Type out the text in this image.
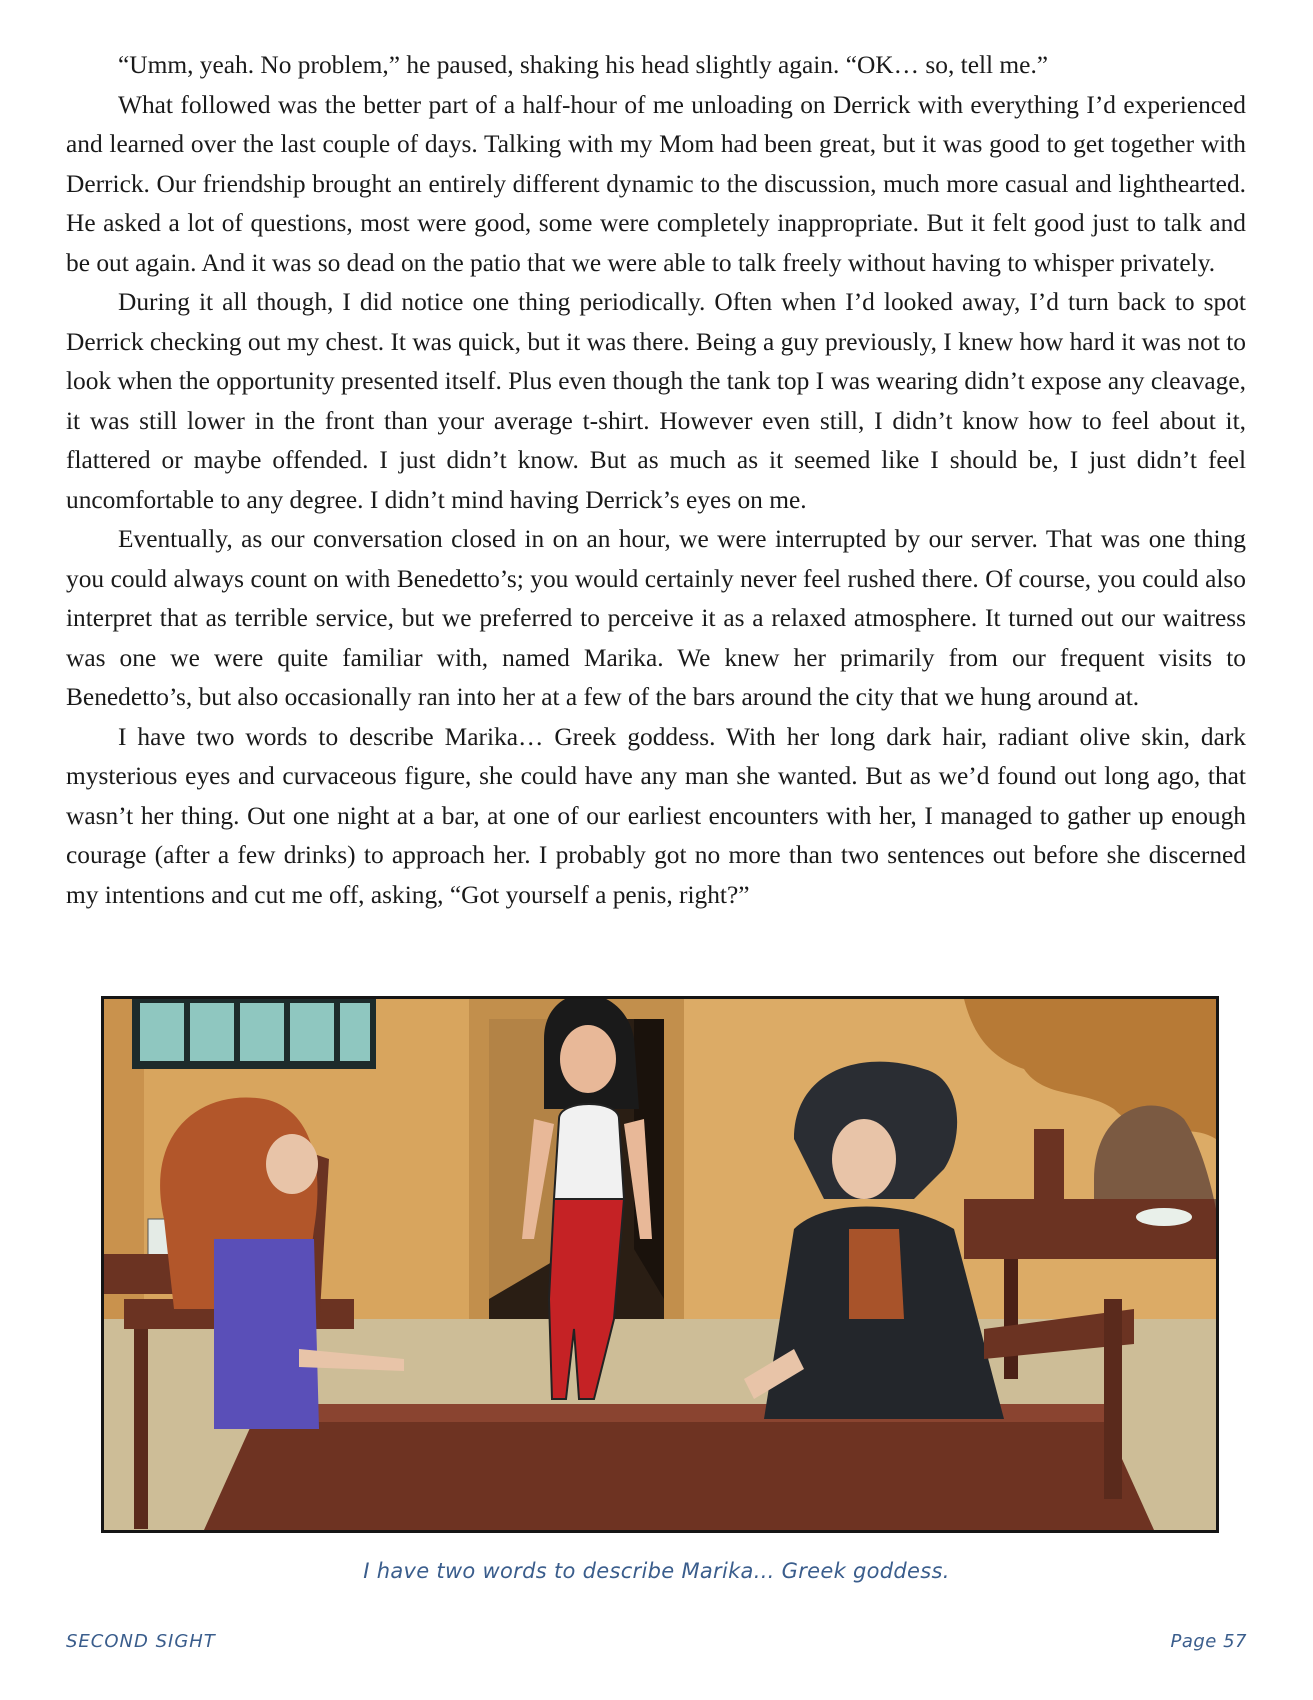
“Umm, yeah. No problem,” he paused, shaking his head slightly again. “OK… so, tell me.”

What followed was the better part of a half-hour of me unloading on Derrick with everything I’d experienced and learned over the last couple of days. Talking with my Mom had been great, but it was good to get together with Derrick. Our friendship brought an entirely different dynamic to the discussion, much more casual and lighthearted. He asked a lot of questions, most were good, some were completely inappropriate. But it felt good just to talk and be out again. And it was so dead on the patio that we were able to talk freely without having to whisper privately.

During it all though, I did notice one thing periodically. Often when I’d looked away, I’d turn back to spot Derrick checking out my chest. It was quick, but it was there. Being a guy previously, I knew how hard it was not to look when the opportunity presented itself. Plus even though the tank top I was wearing didn’t expose any cleavage, it was still lower in the front than your average t-shirt. However even still, I didn’t know how to feel about it, flattered or maybe offended. I just didn’t know. But as much as it seemed like I should be, I just didn’t feel uncomfortable to any degree. I didn’t mind having Derrick’s eyes on me.

Eventually, as our conversation closed in on an hour, we were interrupted by our server. That was one thing you could always count on with Benedetto’s; you would certainly never feel rushed there. Of course, you could also interpret that as terrible service, but we preferred to perceive it as a relaxed atmosphere. It turned out our waitress was one we were quite familiar with, named Marika. We knew her primarily from our frequent visits to Benedetto’s, but also occasionally ran into her at a few of the bars around the city that we hung around at.

I have two words to describe Marika… Greek goddess. With her long dark hair, radiant olive skin, dark mysterious eyes and curvaceous figure, she could have any man she wanted. But as we’d found out long ago, that wasn’t her thing. Out one night at a bar, at one of our earliest encounters with her, I managed to gather up enough courage (after a few drinks) to approach her. I probably got no more than two sentences out before she discerned my intentions and cut me off, asking, “Got yourself a penis, right?”

I have two words to describe Marika... Greek goddess.
SECOND SIGHT	Page 57
